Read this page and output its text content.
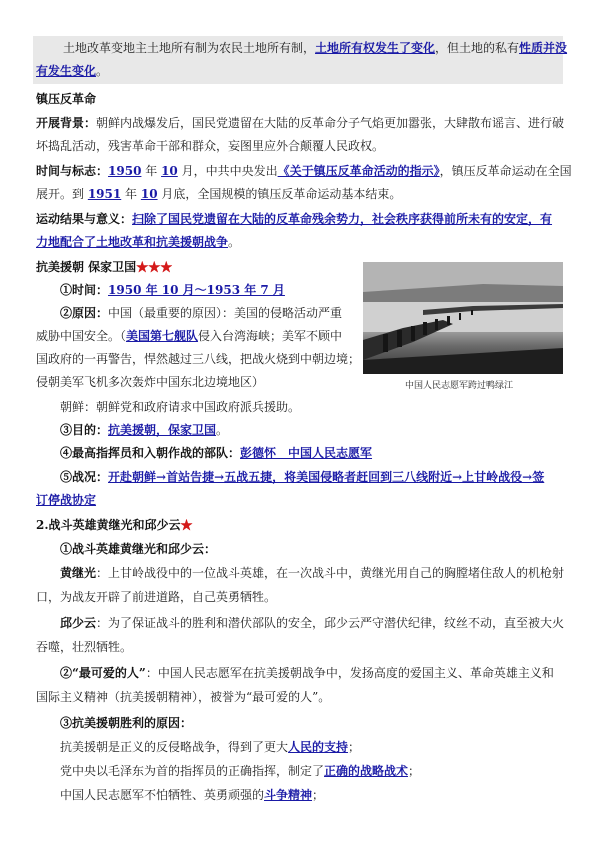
土地改革变地主土地所有制为农民土地所有制，土地所有权发生了变化，但土地的私有性质并没
有发生变化。
镇压反革命
开展背景：朝鲜内战爆发后，国民党遗留在大陆的反革命分子气焰更加嚣张，大肆散布谣言、进行破
坏捣乱活动，残害革命干部和群众，妄图里应外合颠覆人民政权。
时间与标志：1950 年 10 月，中共中央发出《关于镇压反革命活动的指示》，镇压反革命运动在全国
展开。到 1951 年 10 月底，全国规模的镇压反革命运动基本结束。
运动结果与意义：扫除了国民党遗留在大陆的反革命残余势力，社会秩序获得前所未有的安定，有
力地配合了土地改革和抗美援朝战争。
抗美援朝 保家卫国★★★
①时间：1950 年 10 月～1953 年 7 月
②原因：中国（最重要的原因）：美国的侵略活动严重
威胁中国安全。（美国第七舰队侵入台湾海峡；美军不顾中
国政府的一再警告，悍然越过三八线，把战火烧到中朝边境；
侵朝美军飞机多次轰炸中国东北边境地区）
朝鲜：朝鲜党和政府请求中国政府派兵援助。
中国人民志愿军跨过鸭绿江
③目的：抗美援朝，保家卫国。
④最高指挥员和入朝作战的部队：彭德怀　中国人民志愿军
⑤战况：开赴朝鲜→首站告捷→五战五捷，将美国侵略者赶回到三八线附近→上甘岭战役→签
订停战协定
2.战斗英雄黄继光和邱少云★
①战斗英雄黄继光和邱少云：
黄继光：上甘岭战役中的一位战斗英雄，在一次战斗中，黄继光用自己的胸膛堵住敌人的机枪射
口，为战友开辟了前进道路，自己英勇牺牲。
邱少云：为了保证战斗的胜利和潜伏部队的安全，邱少云严守潜伏纪律，纹丝不动，直至被大火
吞噬，壮烈牺牲。
②“最可爱的人”：中国人民志愿军在抗美援朝战争中，发扬高度的爱国主义、革命英雄主义和
国际主义精神（抗美援朝精神），被誉为“最可爱的人”。
③抗美援朝胜利的原因：
抗美援朝是正义的反侵略战争，得到了更大人民的支持；
党中央以毛泽东为首的指挥员的正确指挥，制定了正确的战略战术；
中国人民志愿军不怕牺牲、英勇顽强的斗争精神；
